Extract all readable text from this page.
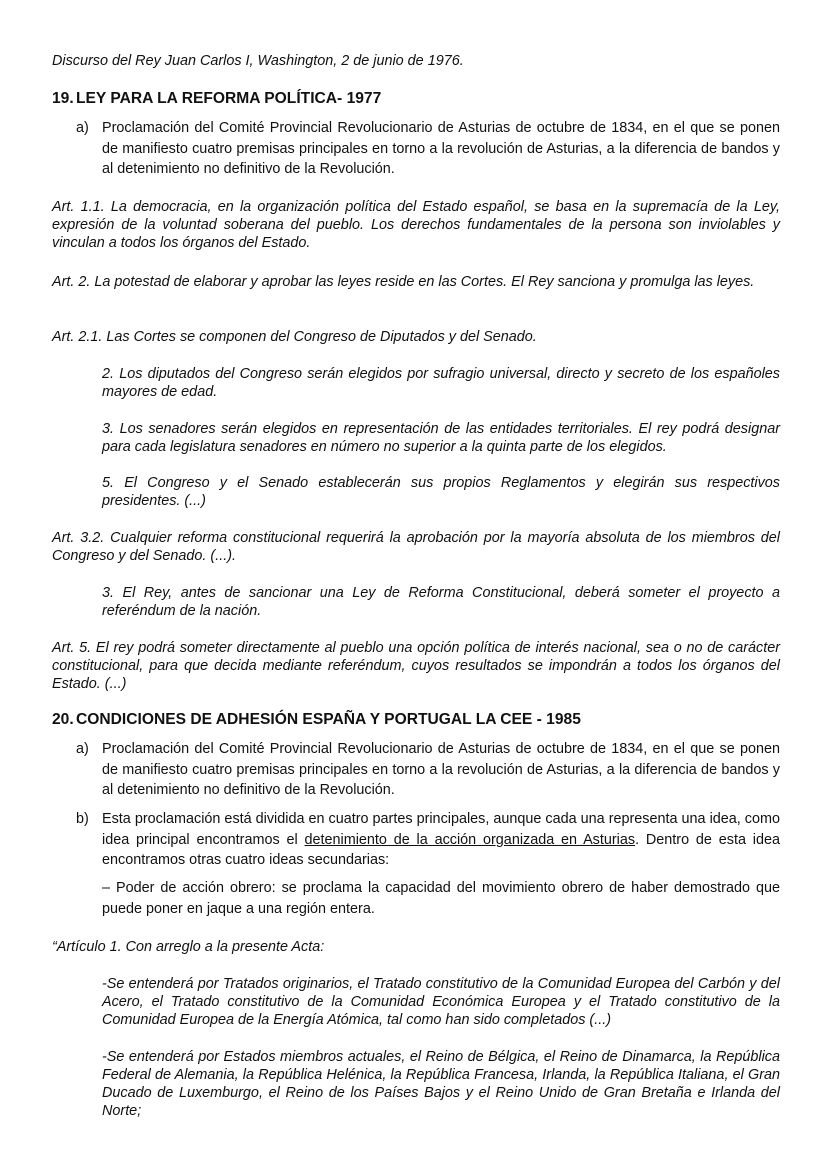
Discurso del Rey Juan Carlos I, Washington, 2 de junio de 1976.

19. LEY PARA LA REFORMA POLÍTICA- 1977
a) Proclamación del Comité Provincial Revolucionario de Asturias de octubre de 1834, en el que se ponen de manifiesto cuatro premisas principales en torno a la revolución de Asturias, a la diferencia de bandos y al detenimiento no definitivo de la Revolución.

Art. 1.1. La democracia, en la organización política del Estado español, se basa en la supremacía de la Ley, expresión de la voluntad soberana del pueblo. Los derechos fundamentales de la persona son inviolables y vinculan a todos los órganos del Estado.

Art. 2. La potestad de elaborar y aprobar las leyes reside en las Cortes. El Rey sanciona y promulga las leyes.

Art. 2.1. Las Cortes se componen del Congreso de Diputados y del Senado.

2. Los diputados del Congreso serán elegidos por sufragio universal, directo y secreto de los españoles mayores de edad.

3. Los senadores serán elegidos en representación de las entidades territoriales. El rey podrá designar para cada legislatura senadores en número no superior a la quinta parte de los elegidos.

5. El Congreso y el Senado establecerán sus propios Reglamentos y elegirán sus respectivos presidentes. (...)

Art. 3.2. Cualquier reforma constitucional requerirá la aprobación por la mayoría absoluta de los miembros del Congreso y del Senado. (...).

3. El Rey, antes de sancionar una Ley de Reforma Constitucional, deberá someter el proyecto a referéndum de la nación.

Art. 5. El rey podrá someter directamente al pueblo una opción política de interés nacional, sea o no de carácter constitucional, para que decida mediante referéndum, cuyos resultados se impondrán a todos los órganos del Estado. (...)

20. CONDICIONES DE ADHESIÓN ESPAÑA Y PORTUGAL LA CEE - 1985
a) Proclamación del Comité Provincial Revolucionario de Asturias de octubre de 1834, en el que se ponen de manifiesto cuatro premisas principales en torno a la revolución de Asturias, a la diferencia de bandos y al detenimiento no definitivo de la Revolución.
b) Esta proclamación está dividida en cuatro partes principales, aunque cada una representa una idea, como idea principal encontramos el detenimiento de la acción organizada en Asturias. Dentro de esta idea encontramos otras cuatro ideas secundarias:

– Poder de acción obrero: se proclama la capacidad del movimiento obrero de haber demostrado que puede poner en jaque a una región entera.

“Artículo 1. Con arreglo a la presente Acta:

-Se entenderá por Tratados originarios, el Tratado constitutivo de la Comunidad Europea del Carbón y del Acero, el Tratado constitutivo de la Comunidad Económica Europea y el Tratado constitutivo de la Comunidad Europea de la Energía Atómica, tal como han sido completados (...)

-Se entenderá por Estados miembros actuales, el Reino de Bélgica, el Reino de Dinamarca, la República Federal de Alemania, la República Helénica, la República Francesa, Irlanda, la República Italiana, el Gran Ducado de Luxemburgo, el Reino de los Países Bajos y el Reino Unido de Gran Bretaña e Irlanda del Norte;
